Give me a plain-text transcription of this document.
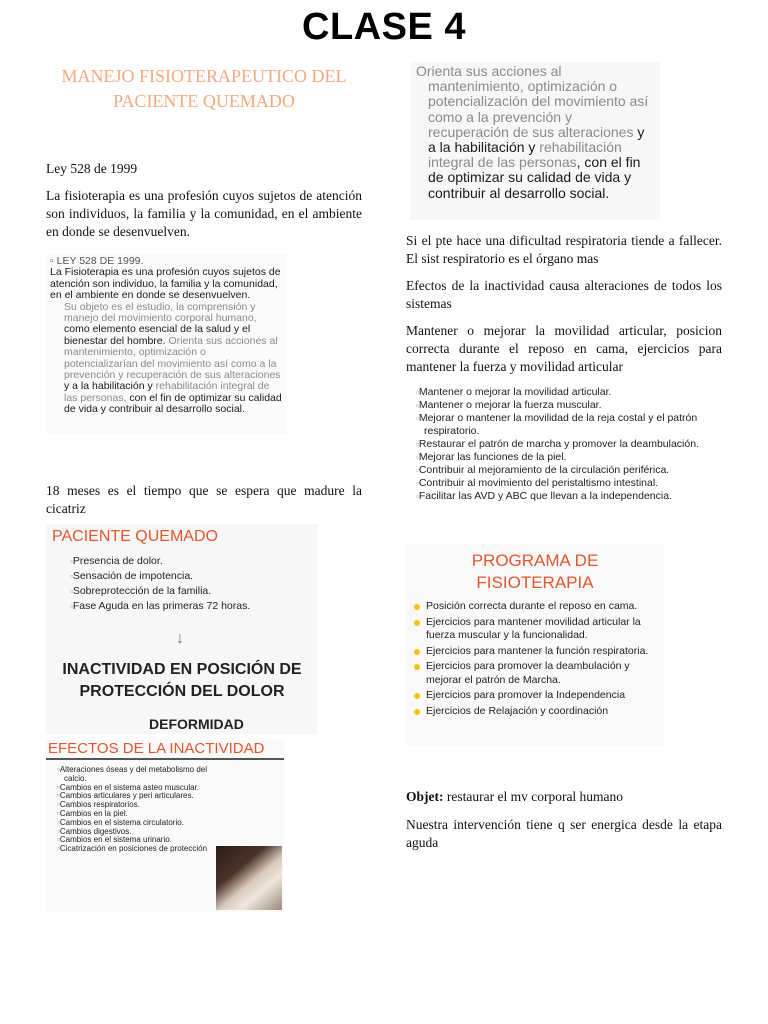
CLASE 4
MANEJO FISIOTERAPEUTICO DEL PACIENTE QUEMADO
Ley 528 de 1999
La fisioterapia es una profesión cuyos sujetos de atención son individuos, la familia y la comunidad, en el ambiente en donde se desenvuelven.
▫ LEY 528 DE 1999.
La Fisioterapia es una profesión cuyos sujetos de atención son individuo, la familia y la comunidad, en el ambiente en donde se desenvuelven.
Su objeto es el estudio, la comprensión y manejo del movimiento corporal humano, como elemento esencial de la salud y el bienestar del hombre. Orienta sus acciones al mantenimiento, optimización o potencializarían del movimiento así como a la prevención y recuperación de sus alteraciones y a la habilitación y rehabilitación integral de las personas, con el fin de optimizar su calidad de vida y contribuir al desarrollo social.
18 meses es el tiempo que se espera que madure la cicatriz
PACIENTE QUEMADO
▫ Presencia de dolor.
▫ Sensación de impotencia.
▫ Sobreprotección de la familia.
▫ Fase Aguda en las primeras 72 horas.
↓
INACTIVIDAD EN POSICIÓN DE
PROTECCIÓN DEL DOLOR
DEFORMIDAD
EFECTOS DE LA INACTIVIDAD
▫ Alteraciones óseas y del metabolismo del calcio.
▫ Cambios en el sistema asteo muscular.
▫ Cambios articulares y peri articulares.
▫ Cambios respiratorios.
▫ Cambios en la piel.
▫ Cambios en el sistema circulatorio.
▫ Cambios digestivos.
▫ Cambios en el sistema urinario.
▫ Cicatrización en posiciones de protección
Orienta sus acciones al
mantenimiento, optimización o potencialización del movimiento así como a la prevención y recuperación de sus alteraciones y a la habilitación y rehabilitación integral de las personas, con el fin de optimizar su calidad de vida y contribuir al desarrollo social.
Si el pte hace una dificultad respiratoria tiende a fallecer. El sist respiratorio es el órgano mas
Efectos de la inactividad causa alteraciones de todos los sistemas
Mantener o mejorar la movilidad articular, posicion correcta durante el reposo en cama, ejercicios para mantener la fuerza y movilidad articular
▫ Mantener o mejorar la movilidad articular.
▫ Mantener o mejorar la fuerza muscular.
▫ Mejorar o mantener la movilidad de la reja costal y el patrón respiratorio.
▫ Restaurar el patrón de marcha y promover la deambulación.
▫ Mejorar las funciones de la piel.
▫ Contribuir al mejoramiento de la circulación periférica.
▫ Contribuir al movimiento del peristaltismo intestinal.
▫ Facilitar las AVD y ABC que llevan a la independencia.
PROGRAMA DE
FISIOTERAPIA
Posición correcta durante el reposo en cama.
Ejercicios para mantener movilidad articular la fuerza muscular y la funcionalidad.
Ejercicios para mantener la función respiratoria.
Ejercicios para promover la deambulación y mejorar el patrón de Marcha.
Ejercicios para promover la Independencia
Ejercicios de Relajación y coordinación
Objet: restaurar el mv corporal humano
Nuestra intervención tiene q ser energica desde la etapa aguda
